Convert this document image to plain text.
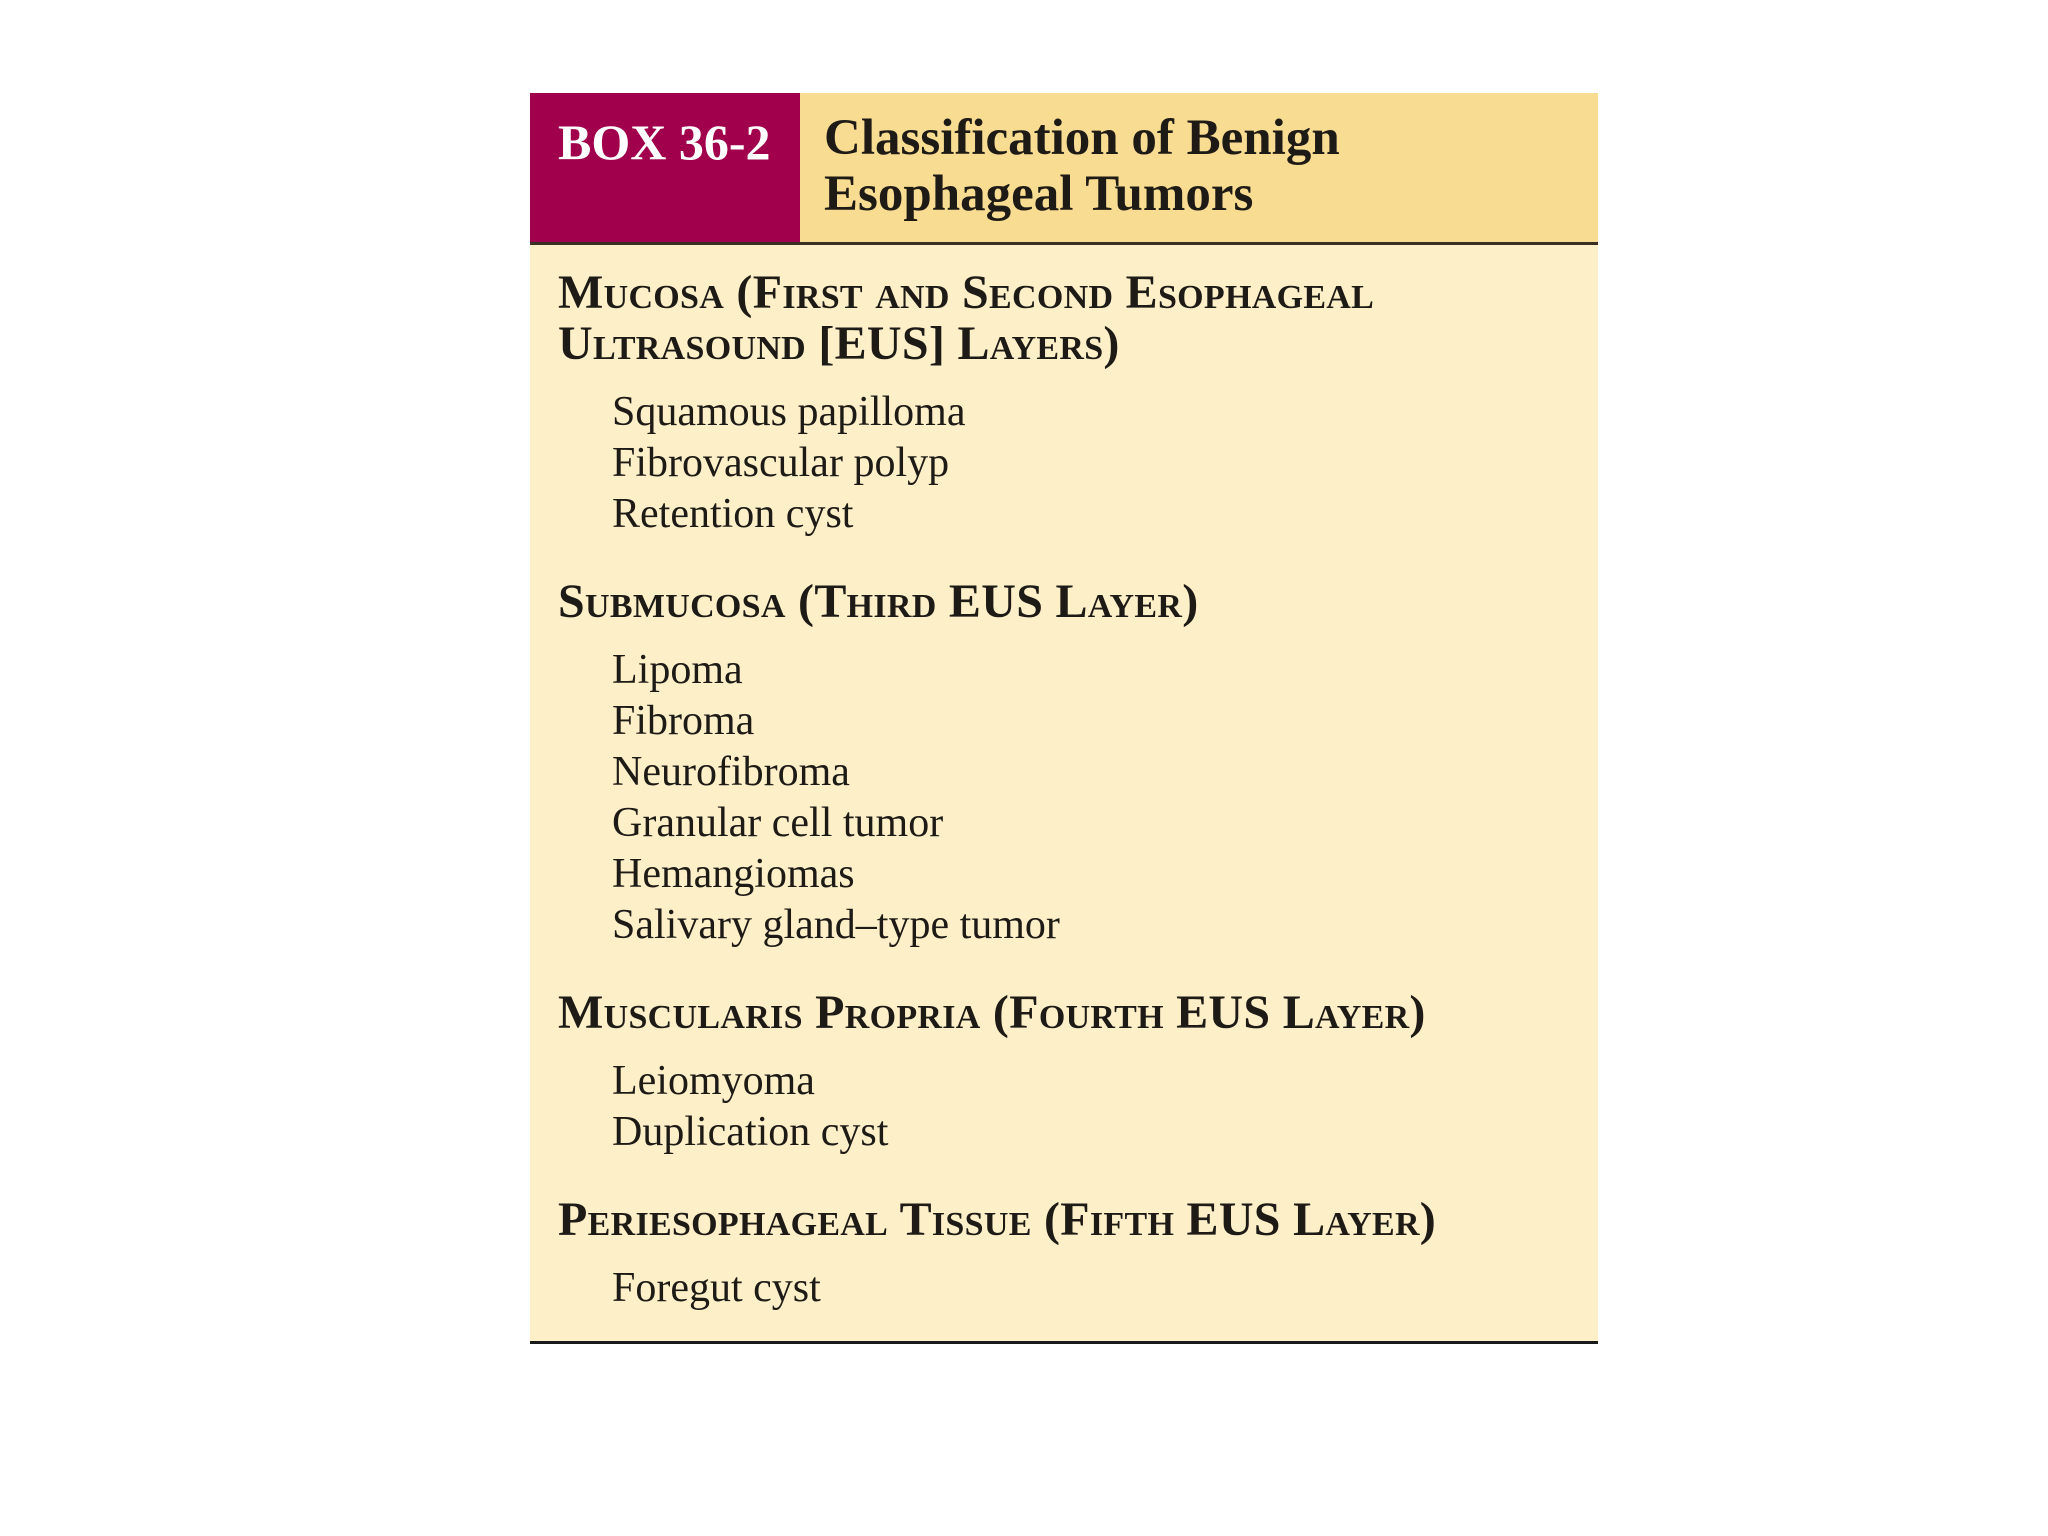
BOX 36-2	Classification of Benign Esophageal Tumors
Mucosa (First and Second Esophageal Ultrasound [EUS] Layers)
Squamous papilloma
Fibrovascular polyp
Retention cyst
Submucosa (Third EUS Layer)
Lipoma
Fibroma
Neurofibroma
Granular cell tumor
Hemangiomas
Salivary gland–type tumor
Muscularis Propria (Fourth EUS Layer)
Leiomyoma
Duplication cyst
Periesophageal Tissue (Fifth EUS Layer)
Foregut cyst
